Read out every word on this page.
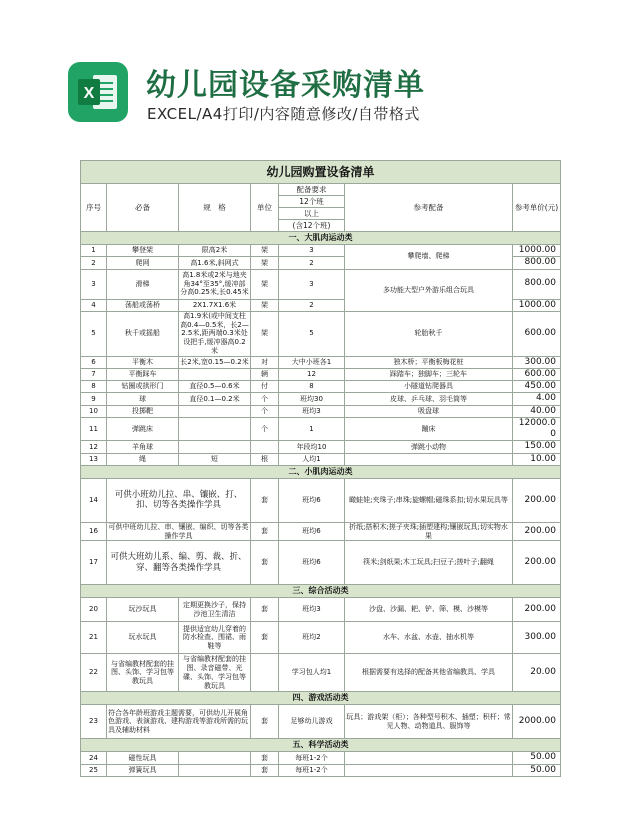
X 幼儿园设备采购清单
EXCEL/A4打印/内容随意修改/自带格式
幼儿园购置设备清单						
序号	必备	规　格	单位	配备要求	参考配备	参考单价(元)
				12个班		
				以上		
				(含12个班)		
一、大肌肉运动类						
1	攀登架	限高2米	架	3	攀爬墙、爬梯	1000.00
2	爬网	高1.6米,斜网式	架	2		800.00
3	滑梯	高1.8米或2米与地夹角34°至35°,缓冲部分高0.25米,长0.45米	架	3	多功能大型户外游乐组合玩具	800.00
4	荡船或荡桥	2X1.7X1.6米	架	2		1000.00
5	秋千或摇船	高1.9米(或中间支柱高0.4—0.5米，长2—2.5米,距两端0.3米处设把手,缓冲器高0.2米	架	5	轮胎秋千	600.00
6	平衡木	长2米,宽0.15—0.2米	对	大中小班各1	独木桥；平衡板梅花桩	300.00
7	平衡踩车		辆	12	踩踏车；独脚车；三轮车	600.00
8	钻圈或拱形门	直径0.5—0.6米	付	8	小隧道钻爬器具	450.00
9	球	直径0.1—0.2米	个	班均30	皮球、乒乓球、羽毛筒等	4.00
10	投掷靶		个	班均3	吸盘球	40.00
11	弹跳床		个	1	蹦床	12000.00
12	羊角球			年段均10	弹跳小动物	150.00
13	绳	短	根	人均1		10.00
二、小肌肉运动类						
14	可供小班幼儿拉、串、镶嵌、打、扣、切等各类操作学具		套	班均6	瞰蛙娃;夹珠子;串珠;旋螺帽;磁珠系扣;切水果玩具等	200.00
16	可供中班幼儿拉、串、镶嵌、编织、切等各类操作学具		套	班均6	折纸;搭积木;搓子夹珠;插塑建构;镶嵌玩具;切实物水果	200.00
17	可供大班幼儿系、编、剪、裁、折、穿、翻等各类操作学具		套	班均6	筷米;剑纸果;木工玩具;扫豆子;搓叶子;翻绳	200.00
三、综合活动类						
20	玩沙玩具	定期更换沙子，保持沙池卫生清洁	套	班均3	沙盘、沙漏、耙、铲、筛、模、沙模等	200.00
21	玩水玩具	提供适宜幼儿穿着的防水检查、围裙、雨鞋等	套	班均2	水车、水盆、水壶、抽水机等	300.00
22	与省编教材配套的挂图、头饰、学习包等教玩具	与省编教材配套的挂图、录音磁带、光碟、头饰、学习包等教玩具		学习包人均1	根据需要有选择的配备其他省编教具、学具	20.00
四、游戏活动类						
23	符合各年龄班游戏主题需要，可供幼儿开展角色游戏、表演游戏、建构游戏等游戏所需的玩具及辅助材料		套	足够幼儿游戏	玩具；游戏架（柜）；各种型号积木、插塑；积杆；常见人物、动物道具、服饰等	2000.00
五、科学活动类						
24	磁性玩具		套	每班1-2个		50.00
25	弹簧玩具		套	每班1-2个		50.00
